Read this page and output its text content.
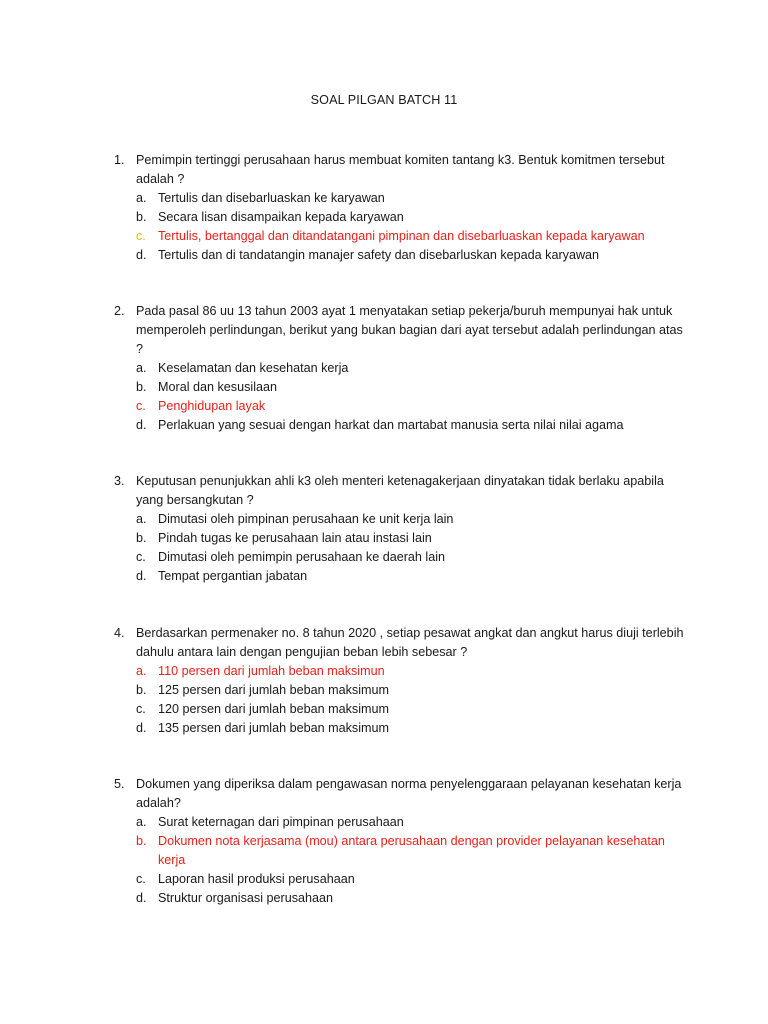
SOAL PILGAN BATCH 11
1. Pemimpin tertinggi perusahaan harus membuat komiten tantang k3. Bentuk komitmen tersebut adalah ?
a. Tertulis dan disebarluaskan ke karyawan
b. Secara lisan disampaikan kepada karyawan
c. Tertulis, bertanggal dan ditandatangani pimpinan dan disebarluaskan kepada karyawan
d. Tertulis dan di tandatangin manajer safety dan disebarluskan kepada karyawan
2. Pada pasal 86 uu 13 tahun 2003 ayat 1 menyatakan setiap pekerja/buruh mempunyai hak untuk memperoleh perlindungan, berikut yang bukan bagian dari ayat tersebut adalah perlindungan atas ?
a. Keselamatan dan kesehatan kerja
b. Moral dan kesusilaan
c. Penghidupan layak
d. Perlakuan yang sesuai dengan harkat dan martabat manusia serta nilai nilai agama
3. Keputusan penunjukkan ahli k3 oleh menteri ketenagakerjaan dinyatakan tidak berlaku apabila yang bersangkutan ?
a. Dimutasi oleh pimpinan perusahaan ke unit kerja lain
b. Pindah tugas ke perusahaan lain atau instasi lain
c. Dimutasi oleh pemimpin perusahaan ke daerah lain
d. Tempat pergantian jabatan
4. Berdasarkan permenaker no. 8 tahun 2020 , setiap pesawat angkat dan angkut harus diuji terlebih dahulu antara lain dengan pengujian beban lebih sebesar ?
a. 110 persen dari jumlah beban maksimun
b. 125 persen dari jumlah beban maksimum
c. 120 persen dari jumlah beban maksimum
d. 135 persen dari jumlah beban maksimum
5. Dokumen yang diperiksa dalam pengawasan norma penyelenggaraan pelayanan kesehatan kerja adalah?
a. Surat keternagan dari pimpinan perusahaan
b. Dokumen nota kerjasama (mou) antara perusahaan dengan provider pelayanan kesehatan kerja
c. Laporan hasil produksi perusahaan
d. Struktur organisasi perusahaan
